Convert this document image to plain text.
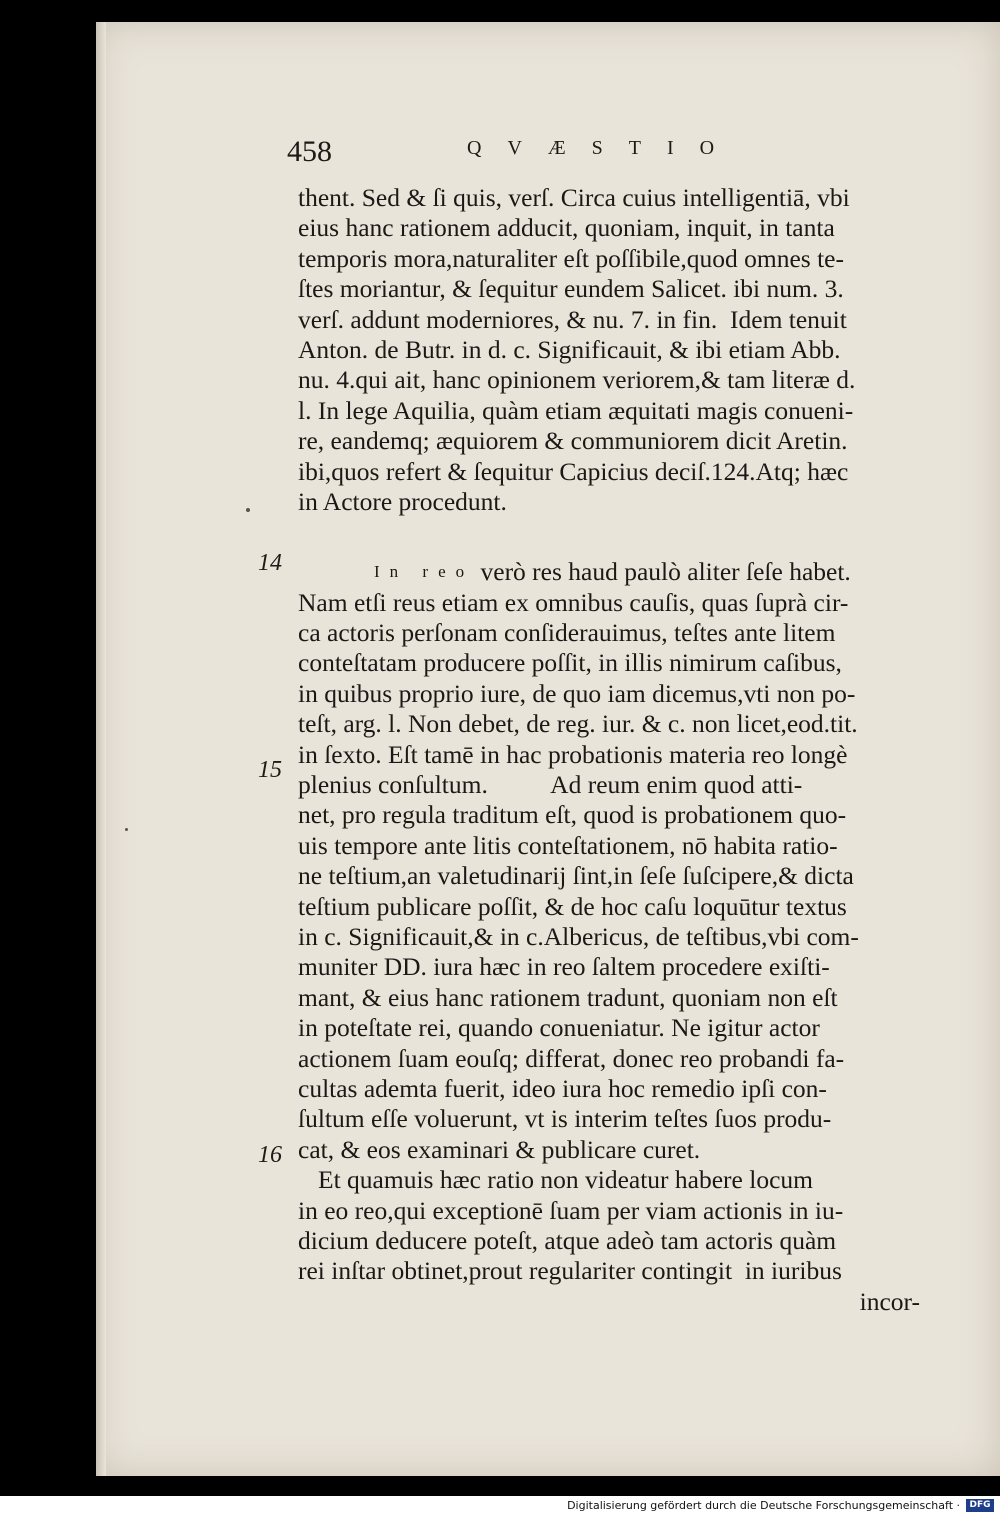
458	QVÆSTIO
14
15
16
thent. Sed & ſi quis, verſ. Circa cuius intelligentiā, vbi
eius hanc rationem adducit, quoniam, inquit, in tanta
temporis mora,naturaliter eſt poſſibile,quod omnes te-
ſtes moriantur, & ſequitur eundem Salicet. ibi num. 3.
verſ. addunt moderniores, & nu. 7. in fin.  Idem tenuit
Anton. de Butr. in d. c. Significauit, & ibi etiam Abb.
nu. 4.qui ait, hanc opinionem veriorem,& tam literæ d.
l. In lege Aquilia, quàm etiam æquitati magis conueni-
re, eandemq; æquiorem & communiorem dicit Aretin.
ibi,quos refert & ſequitur Capicius deciſ.124.Atq; hæc
in Actore procedunt.
In reo
verò res haud paulò aliter ſeſe habet.
Nam etſi reus etiam ex omnibus cauſis, quas ſuprà cir-
ca actoris perſonam conſiderauimus, teſtes ante litem
conteſtatam producere poſſit, in illis nimirum caſibus,
in quibus proprio iure, de quo iam dicemus,vti non po-
teſt, arg. l. Non debet, de reg. iur. & c. non licet,eod.tit.
in ſexto. Eſt tamē in hac probationis materia reo longè
plenius conſultum.          Ad reum enim quod atti-
net, pro regula traditum eſt, quod is probationem quo-
uis tempore ante litis conteſtationem, nō habita ratio-
ne teſtium,an valetudinarij ſint,in ſeſe ſuſcipere,& dicta
teſtium publicare poſſit, & de hoc caſu loquūtur textus
in c. Significauit,& in c.Albericus, de teſtibus,vbi com-
muniter DD. iura hæc in reo ſaltem procedere exiſti-
mant, & eius hanc rationem tradunt, quoniam non eſt
in poteſtate rei, quando conueniatur. Ne igitur actor
actionem ſuam eouſq; differat, donec reo probandi fa-
cultas ademta fuerit, ideo iura hoc remedio ipſi con-
ſultum eſſe voluerunt, vt is interim teſtes ſuos produ-
cat, & eos examinari & publicare curet.
Et quamuis hæc ratio non videatur habere locum
in eo reo,qui exceptionē ſuam per viam actionis in iu-
dicium deducere poteſt, atque adeò tam actoris quàm
rei inſtar obtinet,prout regulariter contingit  in iuribus
incor-
Digitalisierung gefördert durch die Deutsche Forschungsgemeinschaft ·	DFG
